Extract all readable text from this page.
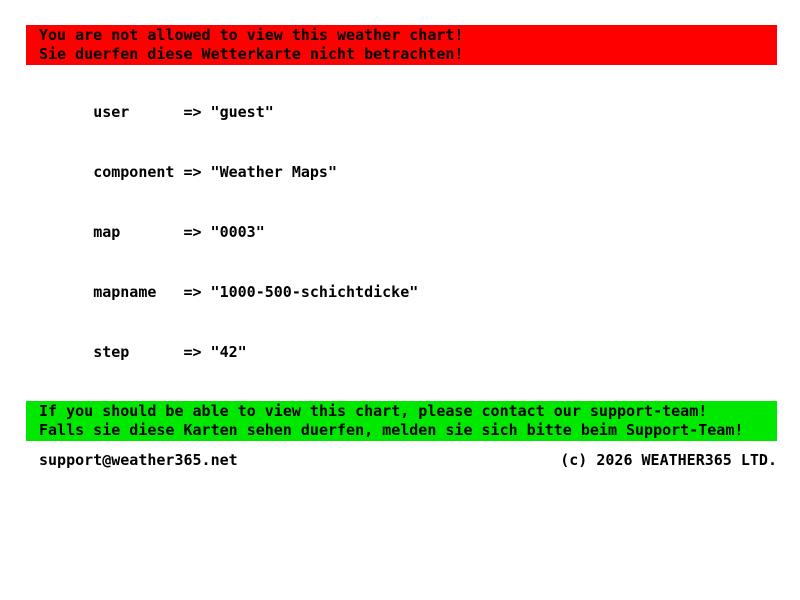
You are not allowed to view this weather chart!
Sie duerfen diese Wetterkarte nicht betrachten!

user	=> "guest"

component => "Weather Maps"

map	=> "0003"

mapname => "1000-500-schichtdicke"

step	=> "42"

If you should be able to view this chart, please contact our support-team!
Falls sie diese Karten sehen duerfen, melden sie sich bitte beim Support-Team!
support@weather365.net	(c) 2026 WEATHER365 LTD.
